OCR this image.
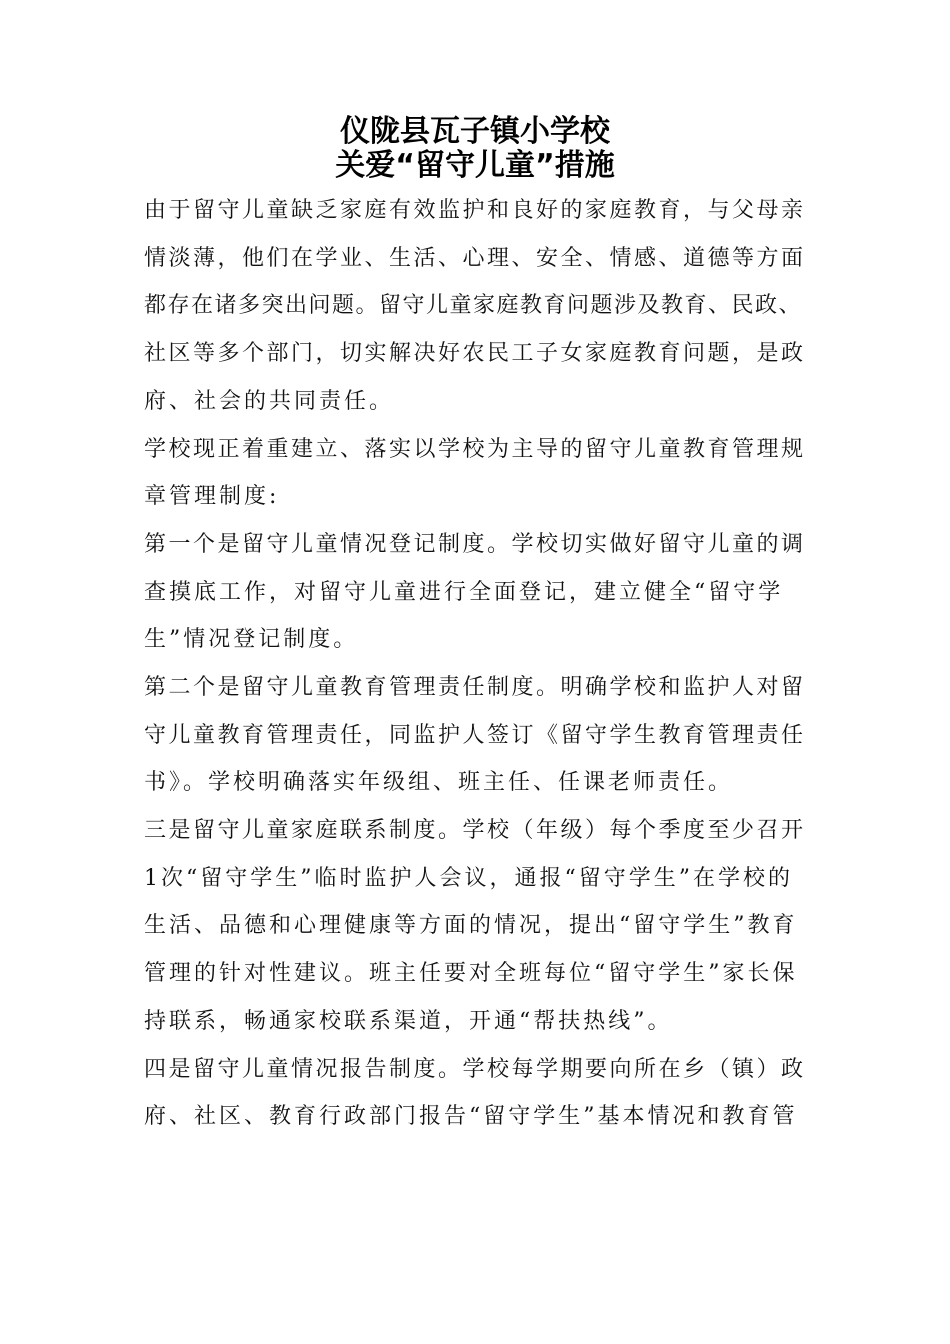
仪陇县瓦子镇小学校
关爱“留守儿童”措施
由于留守儿童缺乏家庭有效监护和良好的家庭教育，与父母亲
情淡薄，他们在学业、生活、心理、安全、情感、道德等方面
都存在诸多突出问题。留守儿童家庭教育问题涉及教育、民政、
社区等多个部门，切实解决好农民工子女家庭教育问题，是政
府、社会的共同责任。
学校现正着重建立、落实以学校为主导的留守儿童教育管理规
章管理制度:
第一个是留守儿童情况登记制度。学校切实做好留守儿童的调
查摸底工作，对留守儿童进行全面登记，建立健全“留守学
生”情况登记制度。
第二个是留守儿童教育管理责任制度。明确学校和监护人对留
守儿童教育管理责任，同监护人签订《留守学生教育管理责任
书》。学校明确落实年级组、班主任、任课老师责任。
三是留守儿童家庭联系制度。学校（年级）每个季度至少召开
1次“留守学生”临时监护人会议，通报“留守学生”在学校的
生活、品德和心理健康等方面的情况，提出“留守学生”教育
管理的针对性建议。班主任要对全班每位“留守学生”家长保
持联系，畅通家校联系渠道，开通“帮扶热线”。
四是留守儿童情况报告制度。学校每学期要向所在乡（镇）政
府、社区、教育行政部门报告“留守学生”基本情况和教育管
